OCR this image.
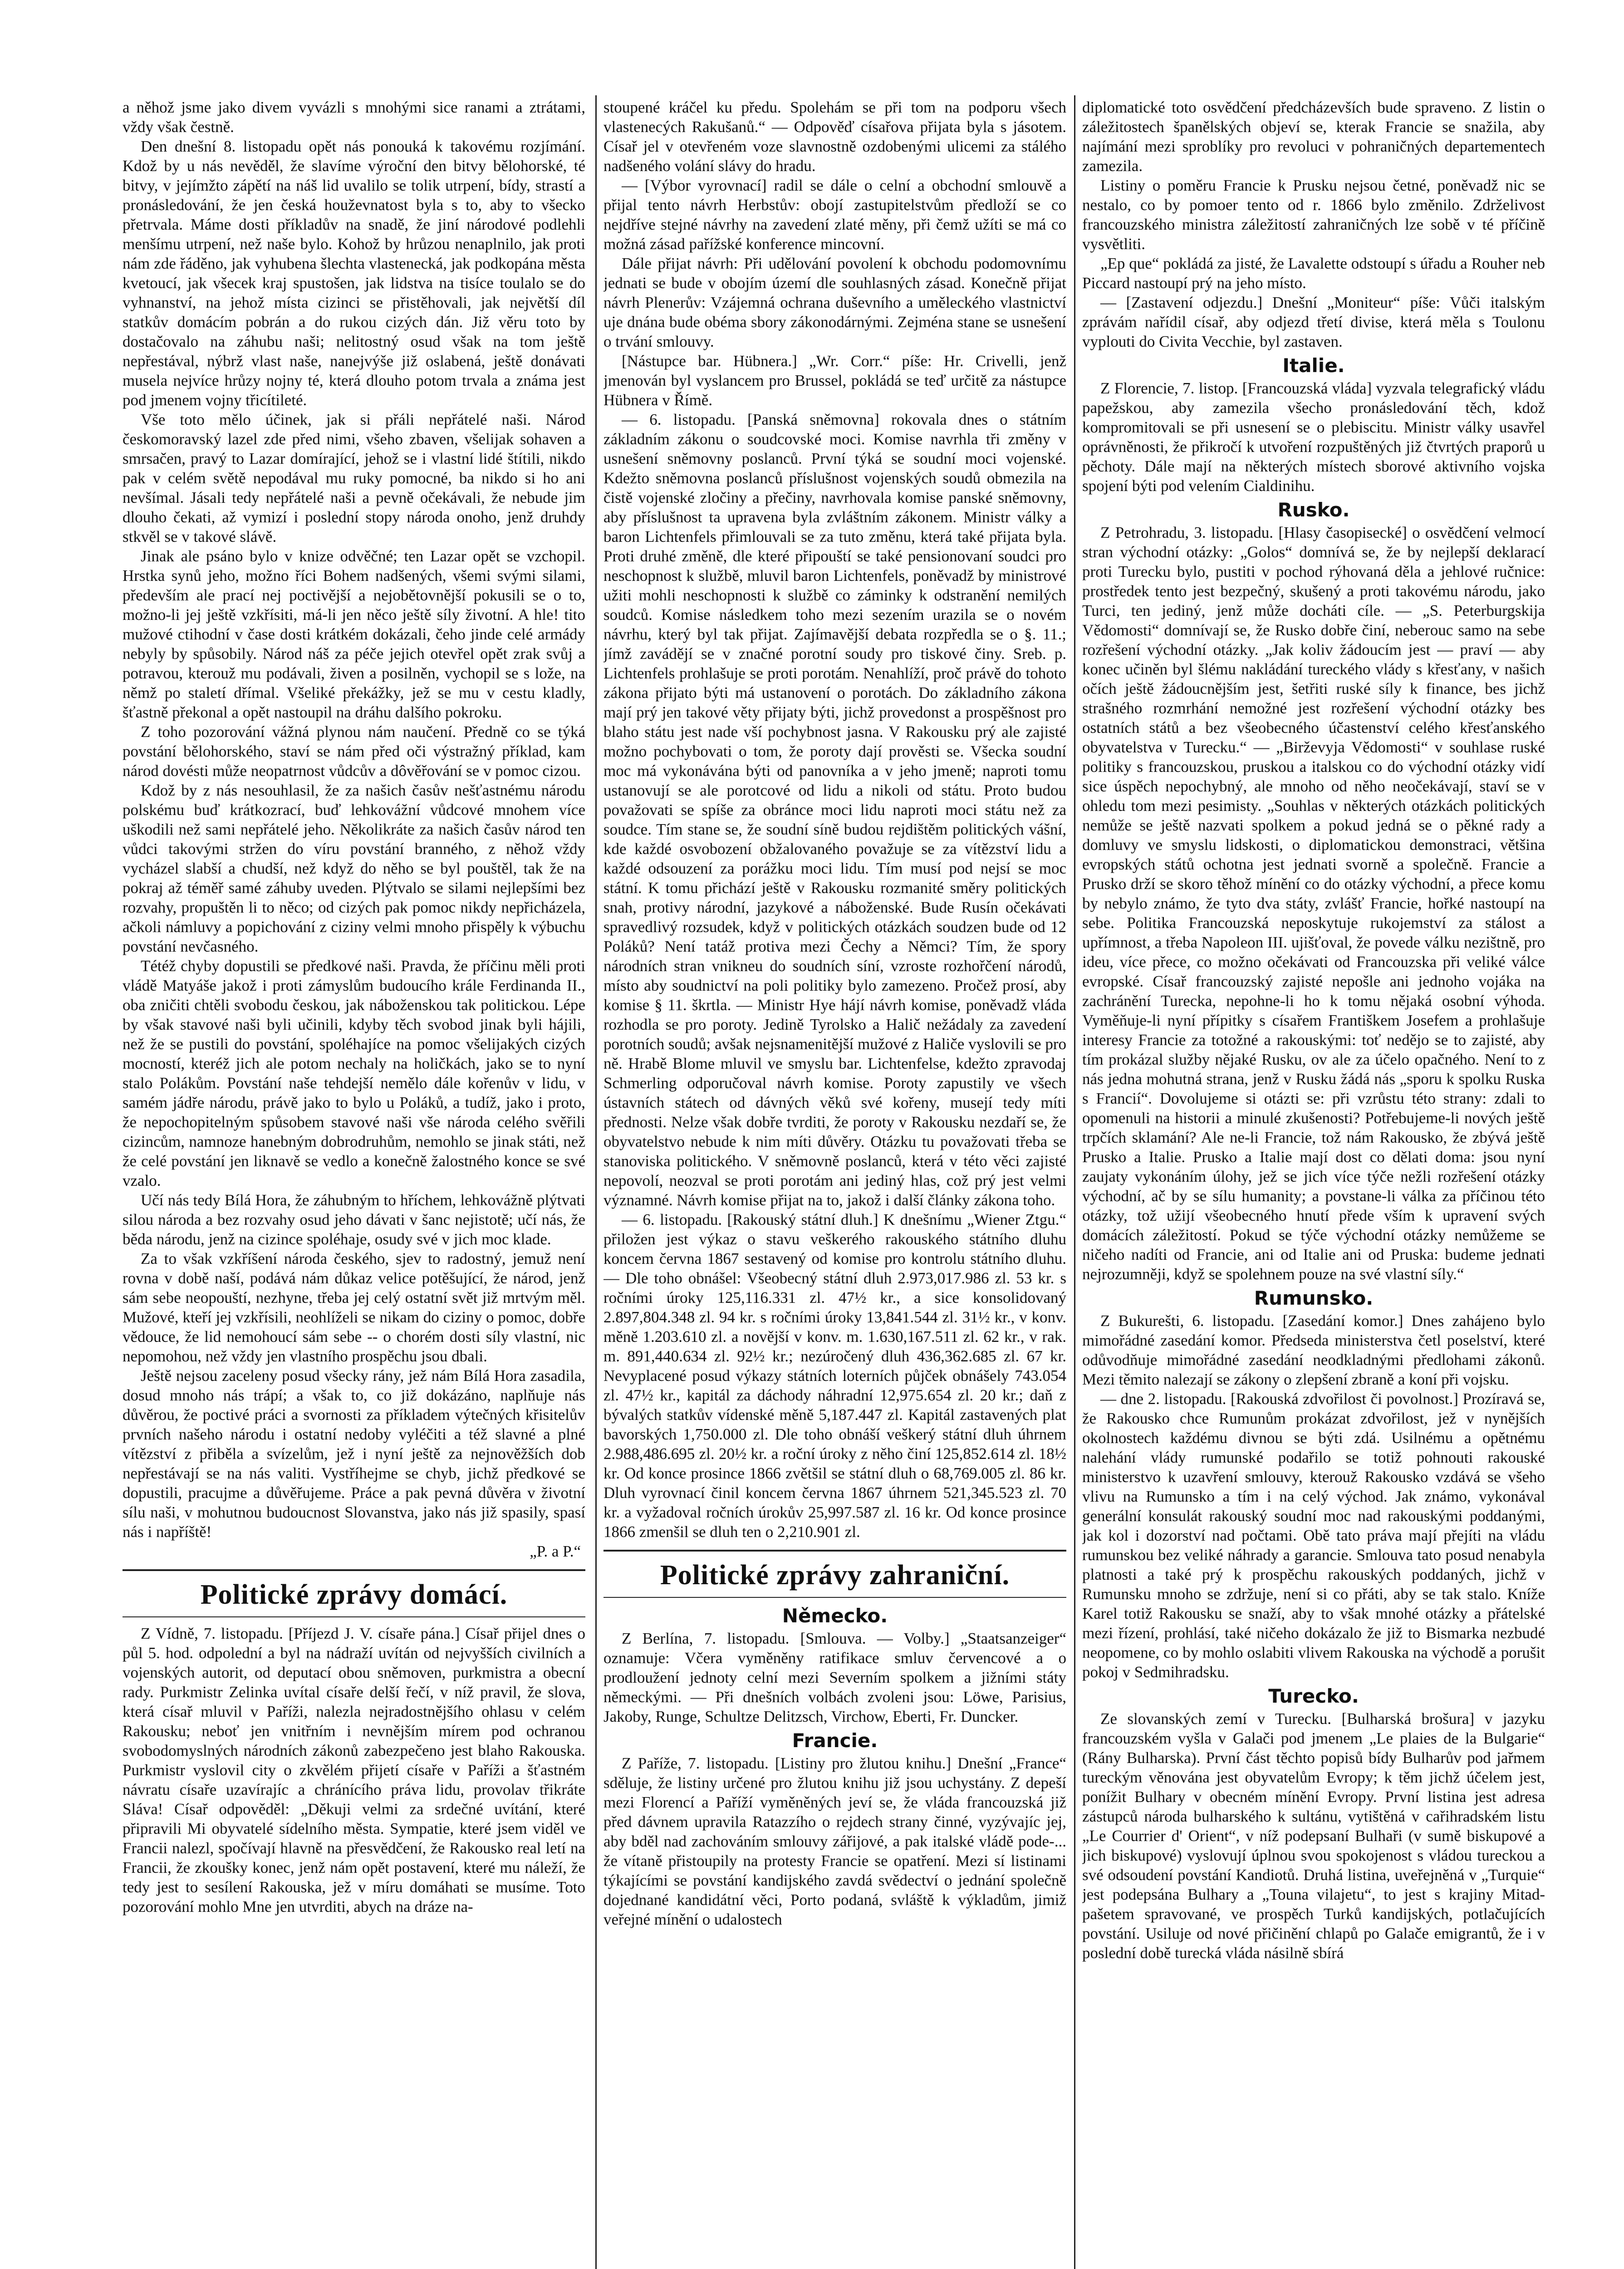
a něhož jsme jako divem vyvázli s mnohými sice ranami a ztrátami, vždy však čestně.

Den dnešní 8. listopadu opět nás ponouká k takovému rozjímání. Kdož by u nás nevěděl, že slavíme výroční den bitvy bělohorské, té bitvy, v jejímžto zápětí na náš lid uvalilo se tolik utrpení, bídy, strastí a pronásledování, že jen česká houževnatost byla s to, aby to všecko přetrvala. Máme dosti příkladův na snadě, že jiní národové podlehli menšímu utrpení, než naše bylo. Kohož by hrůzou nenaplnilo, jak proti nám zde řáděno, jak vyhubena šlechta vlastenecká, jak podkopána města kvetoucí, jak všecek kraj spustošen, jak lidstva na tisíce toulalo se do vyhnanství, na jehož místa cizinci se přistěhovali, jak největší díl statkův domácím pobrán a do rukou cizých dán. Již věru toto by dostačovalo na záhubu naši; nelitostný osud však na tom ještě nepřestával, nýbrž vlast naše, nanejvýše již oslabená, ještě donávati musela nejvíce hrůzy nojny té, která dlouho potom trvala a známa jest pod jmenem vojny třicítileté.

Vše toto mělo účinek, jak si přáli nepřátelé naši. Národ českomoravský lazel zde před nimi, všeho zbaven, všelijak sohaven a smrsačen, pravý to Lazar domírající, jehož se i vlastní lidé štítili, nikdo pak v celém světě nepodával mu ruky pomocné, ba nikdo si ho ani nevšímal. Jásali tedy nepřátelé naši a pevně očekávali, že nebude jim dlouho čekati, až vymizí i poslední stopy národa onoho, jenž druhdy stkvěl se v takové slávě.

Jinak ale psáno bylo v knize odvěčné; ten Lazar opět se vzchopil. Hrstka synů jeho, možno říci Bohem nadšených, všemi svými silami, především ale prací nej poctivější a nejobětovnější pokusili se o to, možno-li jej ještě vzkřísiti, má-li jen něco ještě síly životní. A hle! tito mužové ctihodní v čase dosti krátkém dokázali, čeho jinde celé armády nebyly by spůsobily. Národ náš za péče jejich otevřel opět zrak svůj a potravou, kterouž mu podávali, živen a posilněn, vychopil se s lože, na němž po staletí dřímal. Všeliké překážky, jež se mu v cestu kladly, šťastně překonal a opět nastoupil na dráhu dalšího pokroku.

Z toho pozorování vážná plynou nám naučení. Předně co se týká povstání bělohorského, staví se nám před oči výstražný příklad, kam národ dovésti může neopatrnost vůdcův a dôvěřování se v pomoc cizou.

Kdož by z nás nesouhlasil, že za našich časův nešťastnému národu polskému buď krátkozrací, buď lehkovážní vůdcové mnohem více uškodili než sami nepřátelé jeho. Několikráte za našich časův národ ten vůdci takovými stržen do víru povstání branného, z něhož vždy vycházel slabší a chudší, než když do něho se byl pouštěl, tak že na pokraj až téměř samé záhuby uveden. Plýtvalo se silami nejlepšími bez rozvahy, propuštěn li to něco; od cizých pak pomoc nikdy nepřicházela, ačkoli námluvy a popichování z ciziny velmi mnoho přispěly k výbuchu povstání nevčasného.

Tétéž chyby dopustili se předkové naši. Pravda, že příčinu měli proti vládě Matyáše jakož i proti zámyslům budoucího krále Ferdinanda II., oba zničiti chtěli svobodu českou, jak náboženskou tak politickou. Lépe by však stavové naši byli učinili, kdyby těch svobod jinak byli hájili, než že se pustili do povstání, spoléhajíce na pomoc všelijakých cizých mocností, kteréž jich ale potom nechaly na holičkách, jako se to nyní stalo Polákům. Povstání naše tehdejší nemělo dále kořenův v lidu, v samém jádře národu, právě jako to bylo u Poláků, a tudíž, jako i proto, že nepochopitelným spůsobem stavové naši vše národa celého svěřili cizincům, namnoze hanebným dobrodruhům, nemohlo se jinak státi, než že celé povstání jen liknavě se vedlo a konečně žalostného konce se své vzalo.

Učí nás tedy Bílá Hora, že záhubným to hříchem, lehkovážně plýtvati silou národa a bez rozvahy osud jeho dávati v šanc nejistotě; učí nás, že běda národu, jenž na cizince spoléhaje, osudy své v jich moc klade.

Za to však vzkříšení národa českého, sjev to radostný, jemuž není rovna v době naší, podává nám důkaz velice potěšující, že národ, jenž sám sebe neopouští, nezhyne, třeba jej celý ostatní svět již mrtvým měl. Mužové, kteří jej vzkřísili, neohlíželi se nikam do ciziny o pomoc, dobře vědouce, že lid nemohoucí sám sebe -- o chorém dosti síly vlastní, nic nepomohou, než vždy jen vlastního prospěchu jsou dbali.

Ještě nejsou zaceleny posud všecky rány, jež nám Bílá Hora zasadila, dosud mnoho nás trápí; a však to, co již dokázáno, naplňuje nás důvěrou, že poctivé práci a svornosti za příkladem výtečných křisitelův prvních našeho národu i ostatní nedoby vyléčiti a též slavné a plné vítězství z přiběla a svízelům, jež i nyní ještě za nejnověžších dob nepřestávají se na nás valiti. Vystříhejme se chyb, jichž předkové se dopustili, pracujme a důvěřujeme. Práce a pak pevná důvěra v životní sílu naši, v mohutnou budoucnost Slovanstva, jako nás již spasily, spasí nás i napříště!

„P. a P.“

Politické zprávy domácí.

Z Vídně, 7. listopadu. [Příjezd J. V. císaře pána.] Císař přijel dnes o půl 5. hod. odpolední a byl na nádraží uvítán od nejvyšších civilních a vojenských autorit, od deputací obou sněmoven, purkmistra a obecní rady. Purkmistr Zelinka uvítal císaře delší řečí, v níž pravil, že slova, která císař mluvil v Paříži, nalezla nejradostnějšího ohlasu v celém Rakousku; neboť jen vnitřním i nevnějším mírem pod ochranou svobodomyslných národních zákonů zabezpečeno jest blaho Rakouska. Purkmistr vyslovil city o zkvělém přijetí císaře v Paříži a šťastném návratu císaře uzavírajíc a chránícího práva lidu, provolav třikráte Sláva! Císař odpověděl: „Děkuji velmi za srdečné uvítání, které připravili Mi obyvatelé sídelního města. Sympatie, které jsem viděl ve Francii nalezl, spočívají hlavně na přesvědčení, že Rakousko real letí na Francii, že zkoušky konec, jenž nám opět postavení, které mu náleží, že tedy jest to sesílení Rakouska, jež v míru domáhati se musíme. Toto pozorování mohlo Mne jen utvrditi, abych na dráze na-

stoupené kráčel ku předu. Spolehám se při tom na podporu všech vlastenecých Rakušanů.“ — Odpověď císařova přijata byla s jásotem. Císař jel v otevřeném voze slavnostně ozdobenými ulicemi za stálého nadšeného volání slávy do hradu.

— [Výbor vyrovnací] radil se dále o celní a obchodní smlouvě a přijal tento návrh Herbstův: obojí zastupitelstvům předloží se co nejdříve stejné návrhy na zavedení zlaté měny, při čemž užíti se má co možná zásad pařížské konference mincovní.

Dále přijat návrh: Při udělování povolení k obchodu podomovnímu jednati se bude v obojím území dle souhlasných zásad. Konečně přijat návrh Plenerův: Vzájemná ochrana duševního a uměleckého vlastnictví uje dnána bude obéma sbory zákonodárnými. Zejména stane se usnešení o trvání smlouvy.

[Nástupce bar. Hübnera.] „Wr. Corr.“ píše: Hr. Crivelli, jenž jmenován byl vyslancem pro Brussel, pokládá se teď určitě za nástupce Hübnera v Římě.

— 6. listopadu. [Panská sněmovna] rokovala dnes o státním základním zákonu o soudcovské moci. Komise navrhla tři změny v usnešení sněmovny poslanců. První týká se soudní moci vojenské. Kdežto sněmovna poslanců příslušnost vojenských soudů obmezila na čistě vojenské zločiny a přečiny, navrhovala komise panské sněmovny, aby příslušnost ta upravena byla zvláštním zákonem. Ministr války a baron Lichtenfels přimlouvali se za tuto změnu, která také přijata byla. Proti druhé změně, dle které připouští se také pensionovaní soudci pro neschopnost k službě, mluvil baron Lichtenfels, poněvadž by ministrové užiti mohli neschopnosti k službě co záminky k odstranění nemilých soudců. Komise následkem toho mezi sezením urazila se o novém návrhu, který byl tak přijat. Zajímavější debata rozpředla se o §. 11.; jímž zavádějí se v značné porotní soudy pro tiskové činy. Sreb. p. Lichtenfels prohlašuje se proti porotám. Nenahlíží, proč právě do tohoto zákona přijato býti má ustanovení o porotách. Do základního zákona mají prý jen takové věty přijaty býti, jichž provedonst a prospěšnost pro blaho státu jest nade vší pochybnost jasna. V Rakousku prý ale zajisté možno pochybovati o tom, že poroty dají prověsti se. Všecka soudní moc má vykonávána býti od panovníka a v jeho jmeně; naproti tomu ustanovují se ale porotcové od lidu a nikoli od státu. Proto budou považovati se spíše za obránce moci lidu naproti moci státu než za soudce. Tím stane se, že soudní síně budou rejdištěm politických vášní, kde každé osvobození obžalovaného považuje se za vítězství lidu a každé odsouzení za porážku moci lidu. Tím musí pod nejsí se moc státní. K tomu přichází ještě v Rakousku rozmanité směry politických snah, protivy národní, jazykové a náboženské. Bude Rusín očekávati spravedlivý rozsudek, když v politických otázkách soudzen bude od 12 Poláků? Není tatáž protiva mezi Čechy a Němci? Tím, že spory národních stran vnikneu do soudních síní, vzroste rozhořčení národů, místo aby soudnictví na poli politiky bylo zamezeno. Pročež prosí, aby komise § 11. škrtla. — Ministr Hye hájí návrh komise, poněvadž vláda rozhodla se pro poroty. Jedině Tyrolsko a Halič nežádaly za zavedení porotních soudů; avšak nejsnamenitější mužové z Haliče vyslovili se pro ně. Hrabě Blome mluvil ve smyslu bar. Lichtenfelse, kdežto zpravodaj Schmerling odporučoval návrh komise. Poroty zapustily ve všech ústavních státech od dávných věků své kořeny, musejí tedy míti přednosti. Nelze však dobře tvrditi, že poroty v Rakousku nezdaří se, že obyvatelstvo nebude k nim míti důvěry. Otázku tu považovati třeba se stanoviska politického. V sněmovně poslanců, která v této věci zajisté nepovolí, neozval se proti porotám ani jediný hlas, což prý jest velmi významné. Návrh komise přijat na to, jakož i další články zákona toho.

— 6. listopadu. [Rakouský státní dluh.] K dnešnímu „Wiener Ztgu.“ přiložen jest výkaz o stavu veškerého rakouského státního dluhu koncem června 1867 sestavený od komise pro kontrolu státního dluhu. — Dle toho obnášel: Všeobecný státní dluh 2.973,017.986 zl. 53 kr. s ročními úroky 125,116.331 zl. 47½ kr., a sice konsolidovaný 2.897,804.348 zl. 94 kr. s ročními úroky 13,841.544 zl. 31½ kr., v konv. měně 1.203.610 zl. a novější v konv. m. 1.630,167.511 zl. 62 kr., v rak. m. 891,440.634 zl. 92½ kr.; nezúročený dluh 436,362.685 zl. 67 kr. Nevyplacené posud výkazy státních loterních půjček obnášely 743.054 zl. 47½ kr., kapitál za dáchody náhradní 12,975.654 zl. 20 kr.; daň z bývalých statkův vídenské měně 5,187.447 zl. Kapitál zastavených plat bavorských 1,750.000 zl. Dle toho obnáší veškerý státní dluh úhrnem 2.988,486.695 zl. 20½ kr. a roční úroky z něho činí 125,852.614 zl. 18½ kr. Od konce prosince 1866 zvětšil se státní dluh o 68,769.005 zl. 86 kr. Dluh vyrovnací činil koncem června 1867 úhrnem 521,345.523 zl. 70 kr. a vyžadoval ročních úrokův 25,997.587 zl. 16 kr. Od konce prosince 1866 zmenšil se dluh ten o 2,210.901 zl.

Politické zprávy zahraniční.
Německo.

Z Berlína, 7. listopadu. [Smlouva. — Volby.] „Staatsanzeiger“ oznamuje: Včera vyměněny ratifikace smluv červencové a o prodloužení jednoty celní mezi Severním spolkem a jižními státy německými. — Při dnešních volbách zvoleni jsou: Löwe, Parisius, Jakoby, Runge, Schultze Delitzsch, Virchow, Eberti, Fr. Duncker.

Francie.

Z Paříže, 7. listopadu. [Listiny pro žlutou knihu.] Dnešní „France“ sděluje, že listiny určené pro žlutou knihu již jsou uchystány. Z depeší mezi Florencí a Paříží vyměněných jeví se, že vláda francouzská již před dávnem upravila Ratazzího o rejdech strany činné, vyzývajíc jej, aby bděl nad zachováním smlouvy zářijové, a pak italské vládě pode-... že vítaně přistoupily na protesty Francie se opatření. Mezi sí listinami týkajícími se povstání kandijského zavdá svědectví o jednání společně dojednané kandidátní věci, Porto podaná, svláště k výkladům, jimiž veřejné mínění o udalostech

diplomatické toto osvědčení předcházevších bude spraveno. Z listin o záležitostech španělských objeví se, kterak Francie se snažila, aby najímání mezi sproblíky pro revoluci v pohraničných departementech zamezila.

Listiny o poměru Francie k Prusku nejsou četné, poněvadž nic se nestalo, co by pomoer tento od r. 1866 bylo změnilo. Zdrželivost francouzského ministra záležitostí zahraničných lze sobě v té příčině vysvětliti.

„Ep que“ pokládá za jisté, že Lavalette odstoupí s úřadu a Rouher neb Piccard nastoupí prý na jeho místo.

— [Zastavení odjezdu.] Dnešní „Moniteur“ píše: Vůči italským zprávám nařídil císař, aby odjezd třetí divise, která měla s Toulonu vyplouti do Civita Vecchie, byl zastaven.

Italie.

Z Florencie, 7. listop. [Francouzská vláda] vyzvala telegrafický vládu papežskou, aby zamezila všecho pronásledování těch, kdož kompromitovali se při usnesení se o plebiscitu. Ministr války usavřel oprávněnosti, že přikročí k utvoření rozpuštěných již čtvrtých praporů u pěchoty. Dále mají na některých místech sborové aktivního vojska spojení býti pod velením Cialdinihu.

Rusko.

Z Petrohradu, 3. listopadu. [Hlasy časopisecké] o osvědčení velmocí stran východní otázky: „Golos“ domnívá se, že by nejlepší deklarací proti Turecku bylo, pustiti v pochod rýhovaná děla a jehlové ručnice: prostředek tento jest bezpečný, skušený a proti takovému národu, jako Turci, ten jediný, jenž může docháti cíle. — „S. Peterburgskija Vědomosti“ domnívají se, že Rusko dobře činí, neberouc samo na sebe rozřešení východní otázky. „Jak koliv žádoucím jest — praví — aby konec učiněn byl šlému nakládání tureckého vlády s křesťany, v našich očích ještě žádoucnějším jest, šetřiti ruské síly k finance, bes jichž strašného rozmrhání nemožné jest rozřešení východní otázky bes ostatních států a bez všeobecného účastenství celého křesťanského obyvatelstva v Turecku.“ — „Birževyja Vědomosti“ v souhlase ruské politiky s francouzskou, pruskou a italskou co do východní otázky vidí sice úspěch nepochybný, ale mnoho od něho neočekávají, staví se v ohledu tom mezi pesimisty. „Souhlas v některých otázkách politických nemůže se ještě nazvati spolkem a pokud jedná se o pěkné rady a domluvy ve smyslu lidskosti, o diplomatickou demonstraci, většina evropských států ochotna jest jednati svorně a společně. Francie a Prusko drží se skoro těhož mínění co do otázky východní, a přece komu by nebylo známo, že tyto dva státy, zvlášť Francie, hořké nastoupí na sebe. Politika Francouzská neposkytuje rukojemství za stálost a upřímnost, a třeba Napoleon III. ujišťoval, že povede válku nezištně, pro ideu, více přece, co možno očekávati od Francouzska při veliké válce evropské. Císař francouzský zajisté nepošle ani jednoho vojáka na zachránění Turecka, nepohne-li ho k tomu nějaká osobní výhoda. Vyměňuje-li nyní přípitky s císařem Františkem Josefem a prohlašuje interesy Francie za totožné a rakouskými: toť nedějo se to zajisté, aby tím prokázal služby nějaké Rusku, ov ale za účelo opačného. Není to z nás jedna mohutná strana, jenž v Rusku žádá nás „sporu k spolku Ruska s Francií“. Dovolujeme si otázti se: při vzrůstu této strany: zdali to opomenuli na historii a minulé zkušenosti? Potřebujeme-li nových ještě trpčích sklamání? Ale ne-li Francie, tož nám Rakousko, že zbývá ještě Prusko a Italie. Prusko a Italie mají dost co dělati doma: jsou nyní zaujaty vykonáním úlohy, jež se jich více týče nežli rozřešení otázky východní, ač by se sílu humanity; a povstane-li válka za příčinou této otázky, tož užijí všeobecného hnutí přede vším k upravení svých domácích záležitostí. Pokud se týče východní otázky nemůžeme se ničeho nadíti od Francie, ani od Italie ani od Pruska: budeme jednati nejrozumněji, když se spolehnem pouze na své vlastní síly.“

Rumunsko.

Z Bukurešti, 6. listopadu. [Zasedání komor.] Dnes zahájeno bylo mimořádné zasedání komor. Předseda ministerstva četl poselství, které odůvodňuje mimořádné zasedání neodkladnými předlohami zákonů. Mezi těmito nalezají se zákony o zlepšení zbraně a koní při vojsku.

— dne 2. listopadu. [Rakouská zdvořilost či povolnost.] Prozíravá se, že Rakousko chce Rumunům prokázat zdvořilost, jež v nynějších okolnostech každému divnou se býti zdá. Usilnému a opětnému nalehání vlády rumunské podařilo se totiž pohnouti rakouské ministerstvo k uzavření smlouvy, kterouž Rakousko vzdává se všeho vlivu na Rumunsko a tím i na celý východ. Jak známo, vykonával generální konsulát rakouský soudní moc nad rakouskými poddanými, jak kol i dozorství nad počtami. Obě tato práva mají přejíti na vládu rumunskou bez veliké náhrady a garancie. Smlouva tato posud nenabyla platnosti a také prý k prospěchu rakouských poddaných, jichž v Rumunsku mnoho se zdržuje, není si co přáti, aby se tak stalo. Kníže Karel totiž Rakousku se snaží, aby to však mnohé otázky a přátelské mezi řízení, prohlásí, také ničeho dokázalo že již to Bismarka nezbudé neopomene, co by mohlo oslabiti vlivem Rakouska na východě a porušit pokoj v Sedmihradsku.

Turecko.

Ze slovanských zemí v Turecku. [Bulharská brošura] v jazyku francouzském vyšla v Galači pod jmenem „Le plaies de la Bulgarie“ (Rány Bulharska). První část těchto popisů bídy Bulharův pod jařmem tureckým věnována jest obyvatelům Evropy; k těm jichž účelem jest, ponížit Bulhary v obecném mínění Evropy. První listina jest adresa zástupců národa bulharského k sultánu, vytištěná v cařihradském listu „Le Courrier d' Orient“, v níž podepsaní Bulhaři (v sumě biskupové a jich biskupové) vyslovují úplnou svou spokojenost s vládou tureckou a své odsoudení povstání Kandiotů. Druhá listina, uveřejněná v „Turquie“ jest podepsána Bulhary a „Touna vilajetu“, to jest s krajiny Mitad-pašetem spravované, ve prospěch Turků kandijských, potlačujících povstání. Usiluje od nové přičinění chlapů po Galače emigrantů, že i v poslední době turecká vláda násilně sbírá
